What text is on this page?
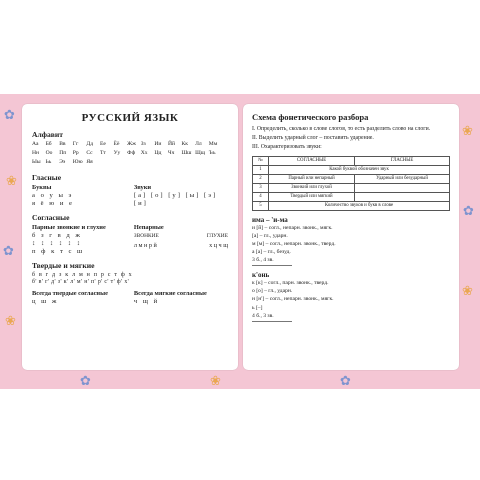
✿
❀
✿
❀
❀
✿
❀
✿	❀	✿
РУССКИЙ ЯЗЫК
Алфавит
Аа	Бб	Вв	Гг	Дд	Ее	Ёё	Жж Зз	Ии	Йй	Кк	Лл	Мм
Нн	Оо	Пп	Рр	Сс	Тт	Уу	Фф Хх	Цц	Чч	Шш Щщ Ъъ
Ыы Ьь	Ээ	Юю Яя
Гласные
Буквы
а о у ы э
я ё ю и е
Звуки
[а] [о] [у] [ы] [э]
[и]
Согласные
Парные звонкие и глухие
б з г в д ж
↕ ↕ ↕ ↕ ↕ ↕
п ф к т с ш
Непарные
ЗВОНКИЕ	ГЛУХИЕ
л м н р й	х ц ч щ
Твердые и мягкие
б в г д з к л м н п р с т ф х
б' в' г' д' з' к' л' м' н' п' р' с' т' ф' х'
Всегда твердые согласные
ц ш ж
Всегда мягкие согласные
ч щ й
Схема фонетического разбора
I. Определить, сколько в слове слогов, то есть разделить слово на слоги.
II. Выделить ударный слог – поставить ударение.
III. Охарактеризовать звуки:
№	СОГЛАСНЫЕ	ГЛАСНЫЕ
1	Какой буквой обозначен звук	
2	Парный или непарный	Ударный или безударный
3	Звонкий или глухой	
4	Твердый или мягкий	
5	Количество звуков и букв в слове	
има – 'и-ма
и [й] – согл., непарн. звонк., мягк.
[а] – гл., ударн.
м [м] – согл., непарн. звонк., тверд.
а [а] – гл., безуд.
3 б., 4 зв.
к'онь
к [к] – согл., парн. звонк., тверд.
о [о] – гл., ударн.
н [н'] – согл., непарн. звонк., мягк.
ь [–]
4 б., 3 зв.
